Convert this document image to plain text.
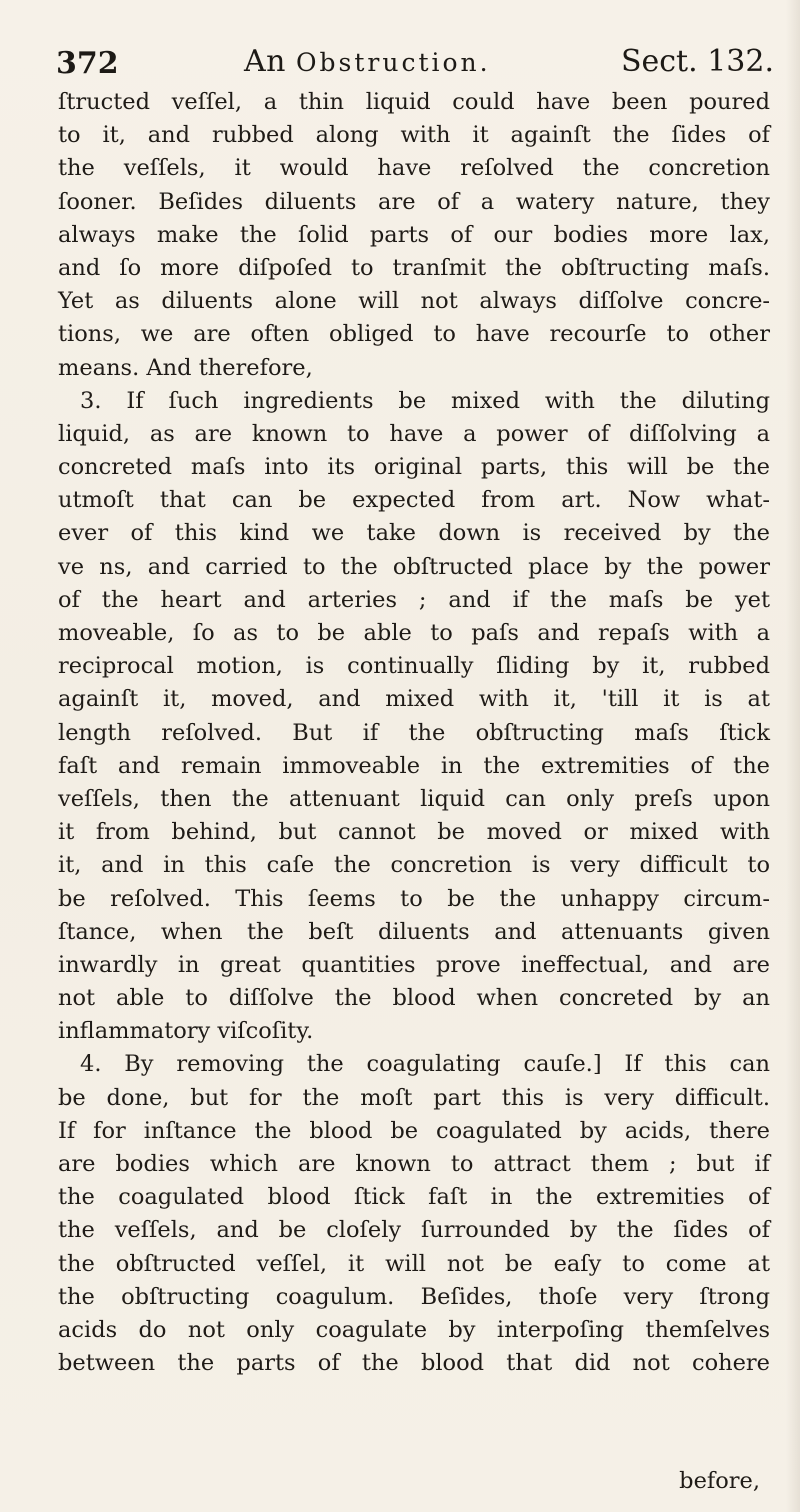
372	An Obstruction.	Sect. 132.
ſtructed veſſel, a thin liquid could have been poured
to it, and rubbed along with it againſt the ſides of
the veſſels, it would have reſolved the concretion
ſooner. Beſides diluents are of a watery nature, they
always make the ſolid parts of our bodies more lax,
and ſo more diſpoſed to tranſmit the obſtructing maſs.
Yet as diluents alone will not always diſſolve concre-
tions, we are often obliged to have recourſe to other
means. And therefore,
3. If ſuch ingredients be mixed with the diluting
liquid, as are known to have a power of diſſolving a
concreted maſs into its original parts, this will be the
utmoſt that can be expected from art. Now what-
ever of this kind we take down is received by the
ve ns, and carried to the obſtructed place by the power
of the heart and arteries ; and if the maſs be yet
moveable, ſo as to be able to paſs and repaſs with a
reciprocal motion, is continually ſliding by it, rubbed
againſt it, moved, and mixed with it, 'till it is at
length reſolved. But if the obſtructing maſs ſtick
faſt and remain immoveable in the extremities of the
veſſels, then the attenuant liquid can only preſs upon
it from behind, but cannot be moved or mixed with
it, and in this caſe the concretion is very difficult to
be reſolved. This ſeems to be the unhappy circum-
ſtance, when the beſt diluents and attenuants given
inwardly in great quantities prove ineffectual, and are
not able to diſſolve the blood when concreted by an
inflammatory viſcoſity.
4. By removing the coagulating cauſe.] If this can
be done, but for the moſt part this is very difficult.
If for inſtance the blood be coagulated by acids, there
are bodies which are known to attract them ; but if
the coagulated blood ſtick faſt in the extremities of
the veſſels, and be cloſely ſurrounded by the ſides of
the obſtructed veſſel, it will not be eaſy to come at
the obſtructing coagulum. Beſides, thoſe very ſtrong
acids do not only coagulate by interpoſing themſelves
between the parts of the blood that did not cohere
before,
